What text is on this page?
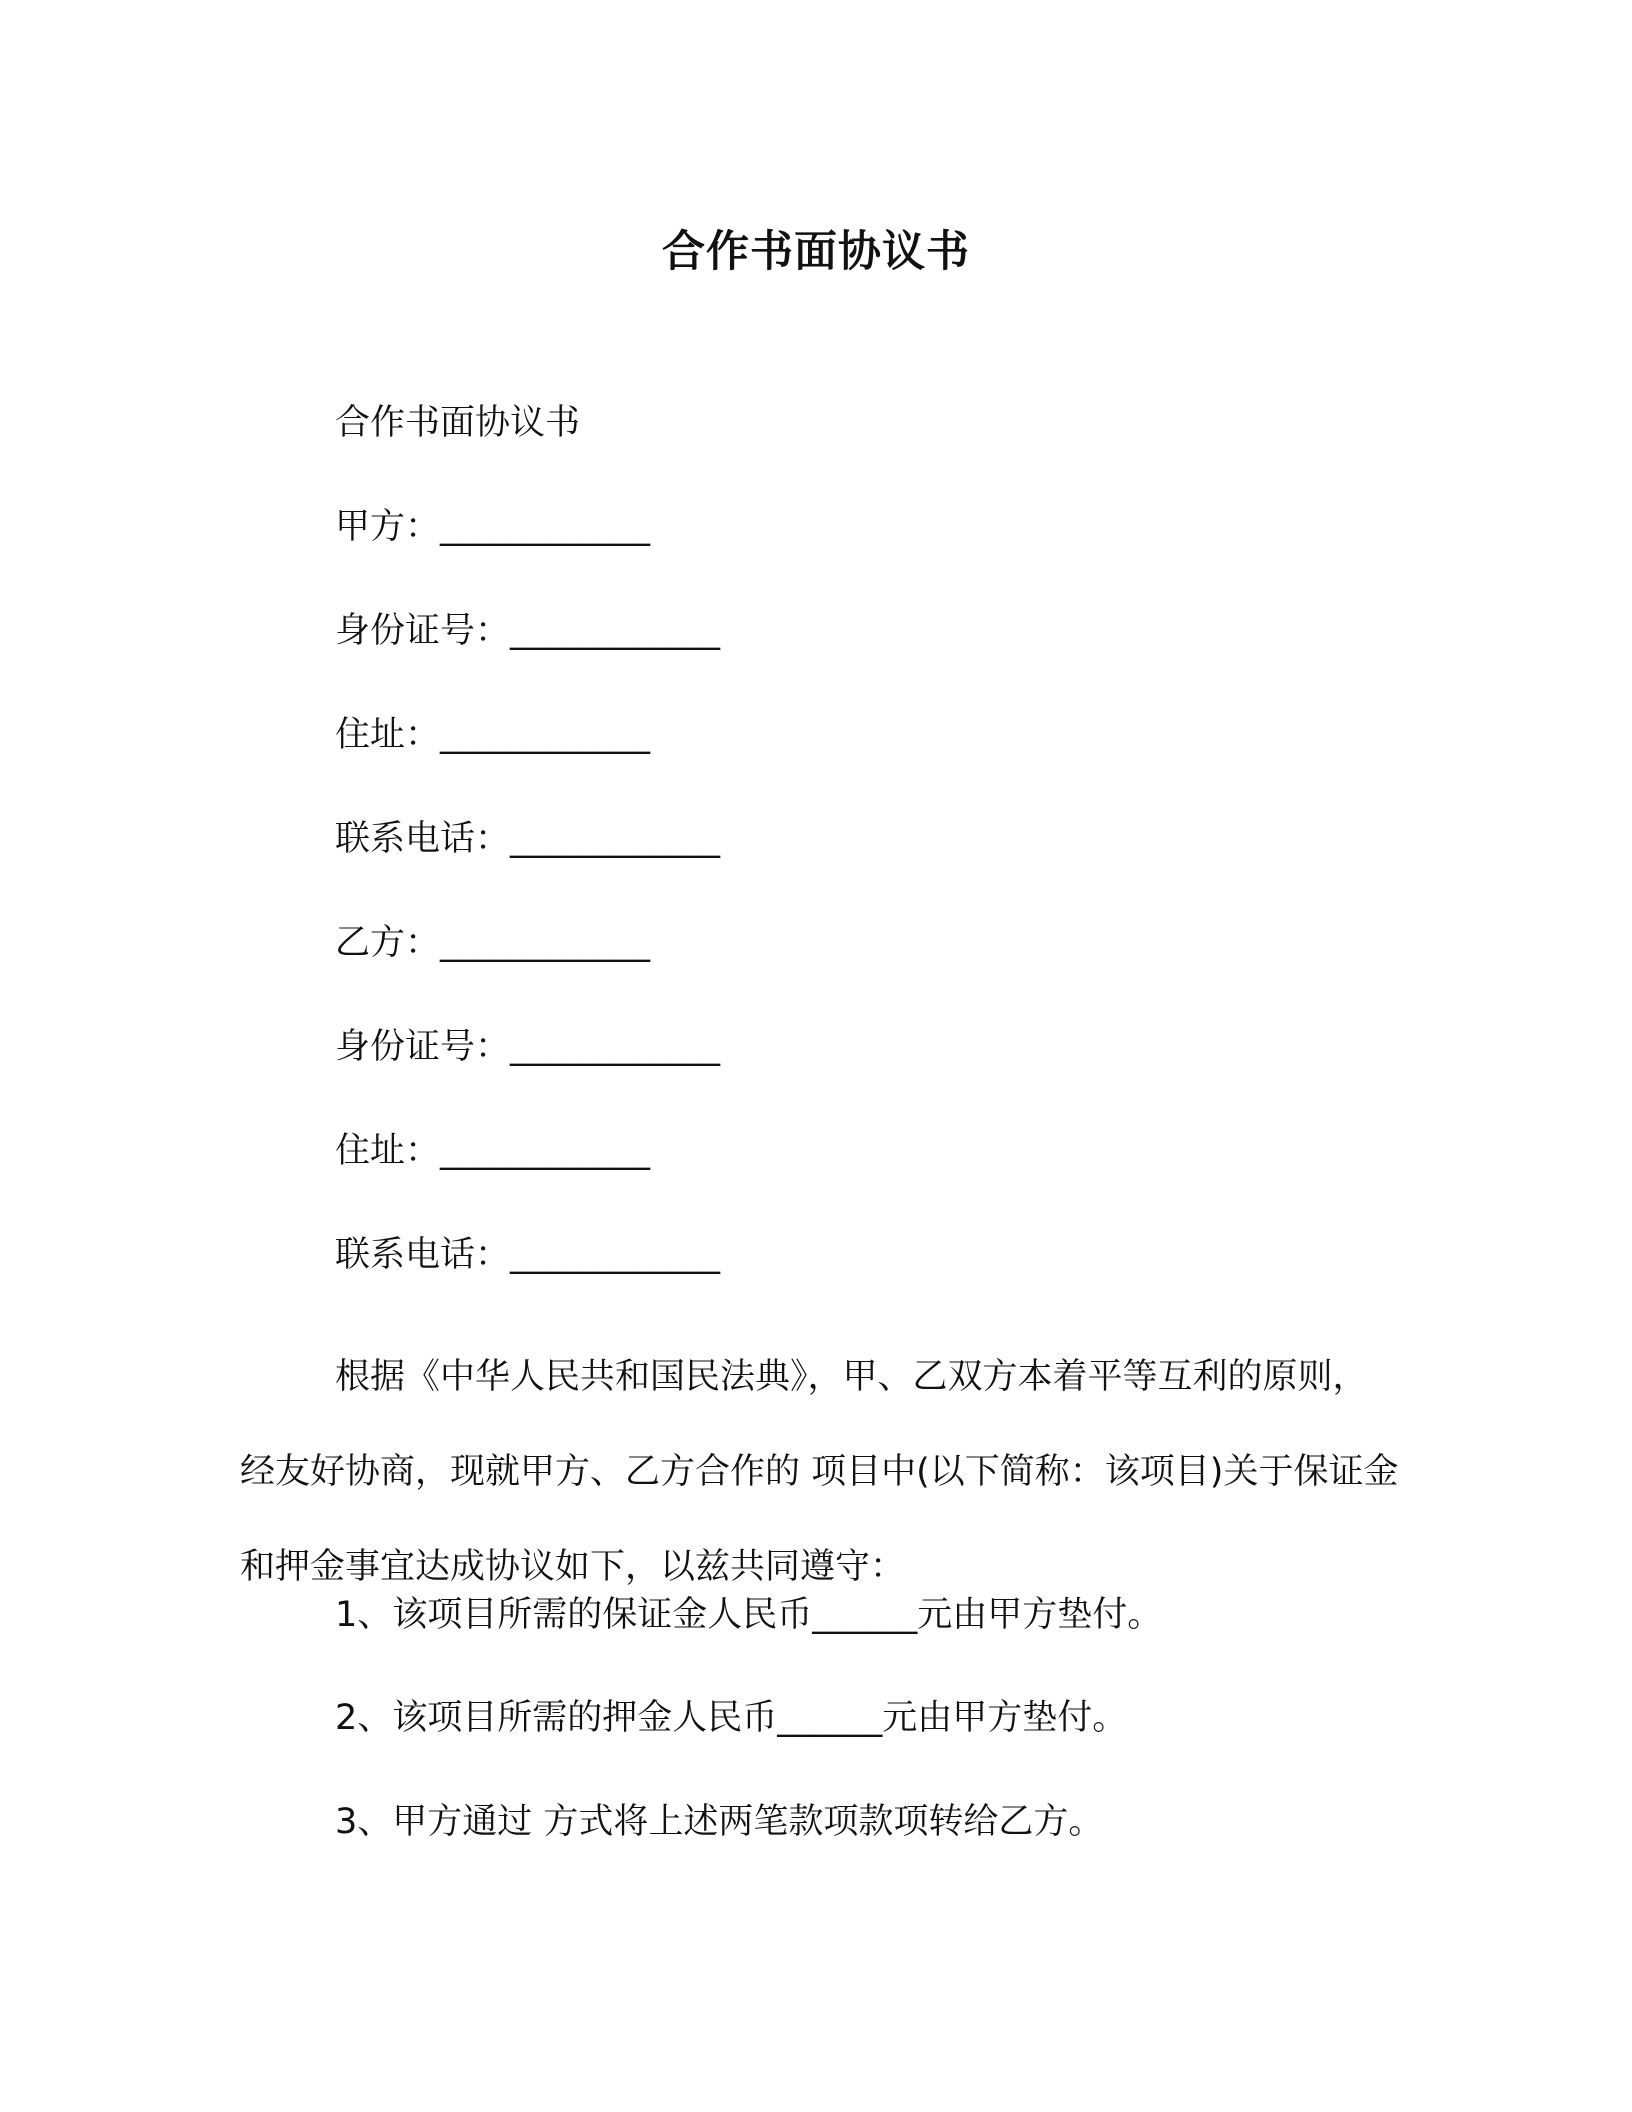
合作书面协议书
合作书面协议书
甲方：____________
身份证号：____________
住址：____________
联系电话：____________
乙方：____________
身份证号：____________
住址：____________
联系电话：____________

根据《中华人民共和国民法典》，甲、乙双方本着平等互利的原则，经友好协商，现就甲方、乙方合作的 项目中(以下简称：该项目)关于保证金和押金事宜达成协议如下，以兹共同遵守：

1、该项目所需的保证金人民币______元由甲方垫付。
2、该项目所需的押金人民币______元由甲方垫付。
3、甲方通过 方式将上述两笔款项款项转给乙方。
